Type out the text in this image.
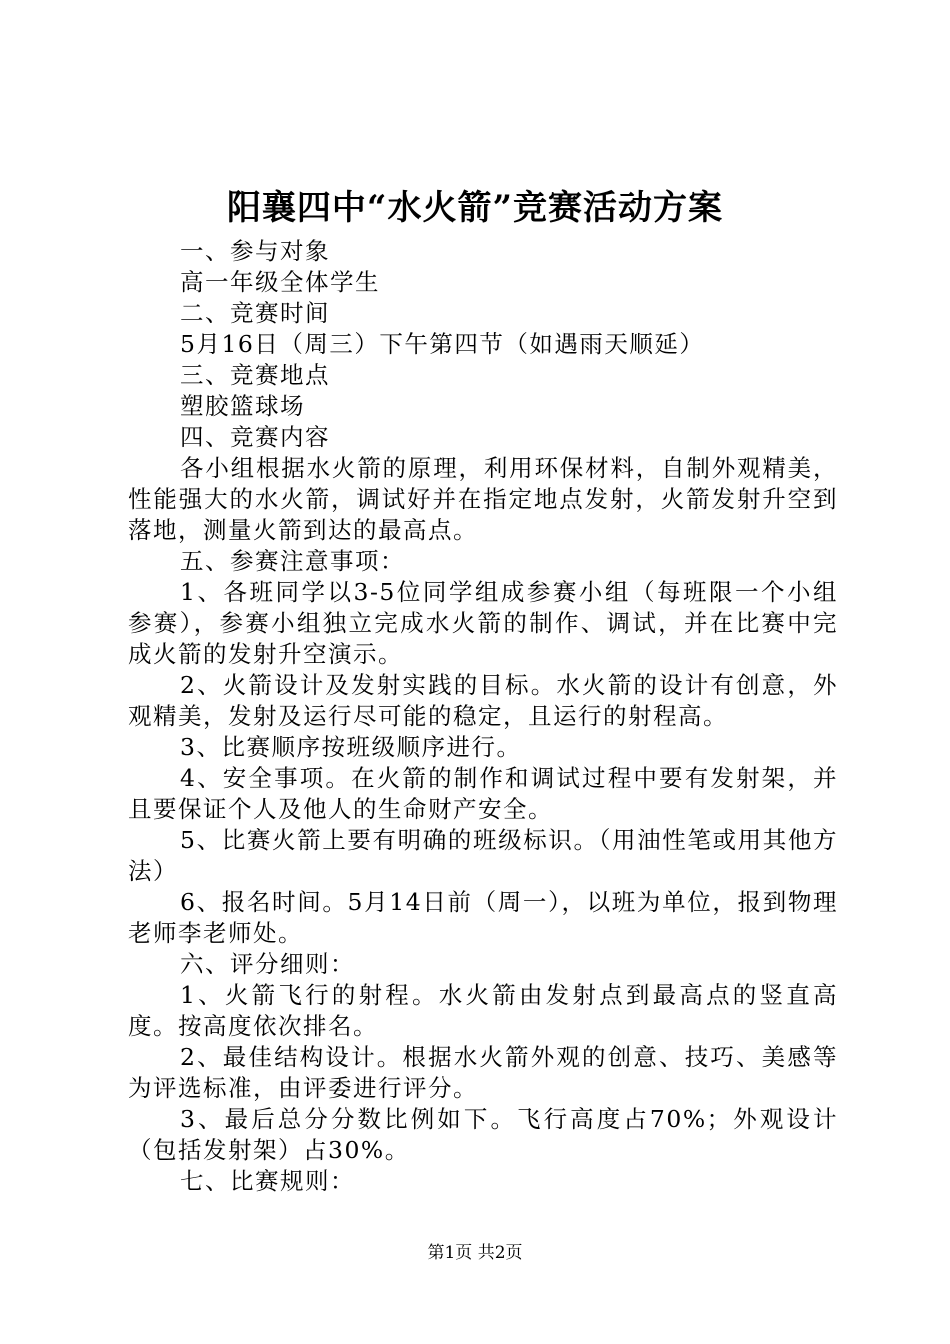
阳襄四中“水火箭”竞赛活动方案

一、参与对象

高一年级全体学生

二、竞赛时间

5月16日（周三）下午第四节（如遇雨天顺延）

三、竞赛地点

塑胶篮球场

四、竞赛内容

各小组根据水火箭的原理，利用环保材料，自制外观精美，性能强大的水火箭，调试好并在指定地点发射，火箭发射升空到落地，测量火箭到达的最高点。

五、参赛注意事项：

1、各班同学以3-5位同学组成参赛小组（每班限一个小组参赛），参赛小组独立完成水火箭的制作、调试，并在比赛中完成火箭的发射升空演示。

2、火箭设计及发射实践的目标。水火箭的设计有创意，外观精美，发射及运行尽可能的稳定，且运行的射程高。

3、比赛顺序按班级顺序进行。

4、安全事项。在火箭的制作和调试过程中要有发射架，并且要保证个人及他人的生命财产安全。

5、比赛火箭上要有明确的班级标识。（用油性笔或用其他方法）

6、报名时间。5月14日前（周一），以班为单位，报到物理老师李老师处。

六、评分细则：

1、火箭飞行的射程。水火箭由发射点到最高点的竖直高度。按高度依次排名。

2、最佳结构设计。根据水火箭外观的创意、技巧、美感等为评选标准，由评委进行评分。

3、最后总分分数比例如下。飞行高度占70%；外观设计（包括发射架）占30%。

七、比赛规则：

第1页 共2页
